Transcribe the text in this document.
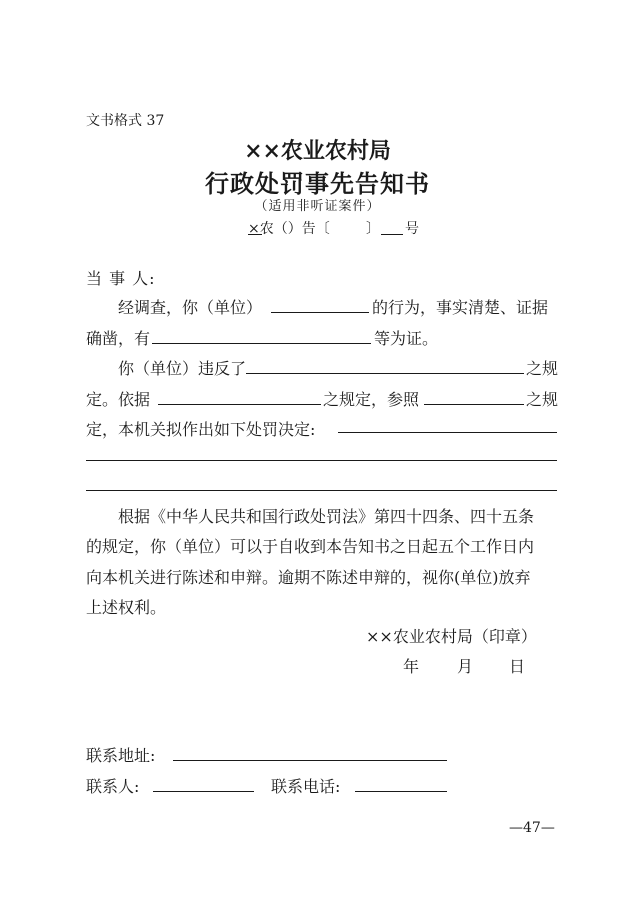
文书格式 37
××农业农村局
行政处罚事先告知书
（适用非听证案件）
×农（）告〔	〕 号
当 事 人:
经调查，你（单位）	的行为，事实清楚、证据
确凿，有	等为证。
你（单位）违反了	之规
定。依据	之规定，参照	之规
定，本机关拟作出如下处罚决定:
根据《中华人民共和国行政处罚法》第四十四条、四十五条
的规定，你（单位）可以于自收到本告知书之日起五个工作日内
向本机关进行陈述和申辩。逾期不陈述申辩的，视你(单位)放弃
上述权利。
××农业农村局（印章）
年 月 日
联系地址:
联系人:	联系电话:
—47—
